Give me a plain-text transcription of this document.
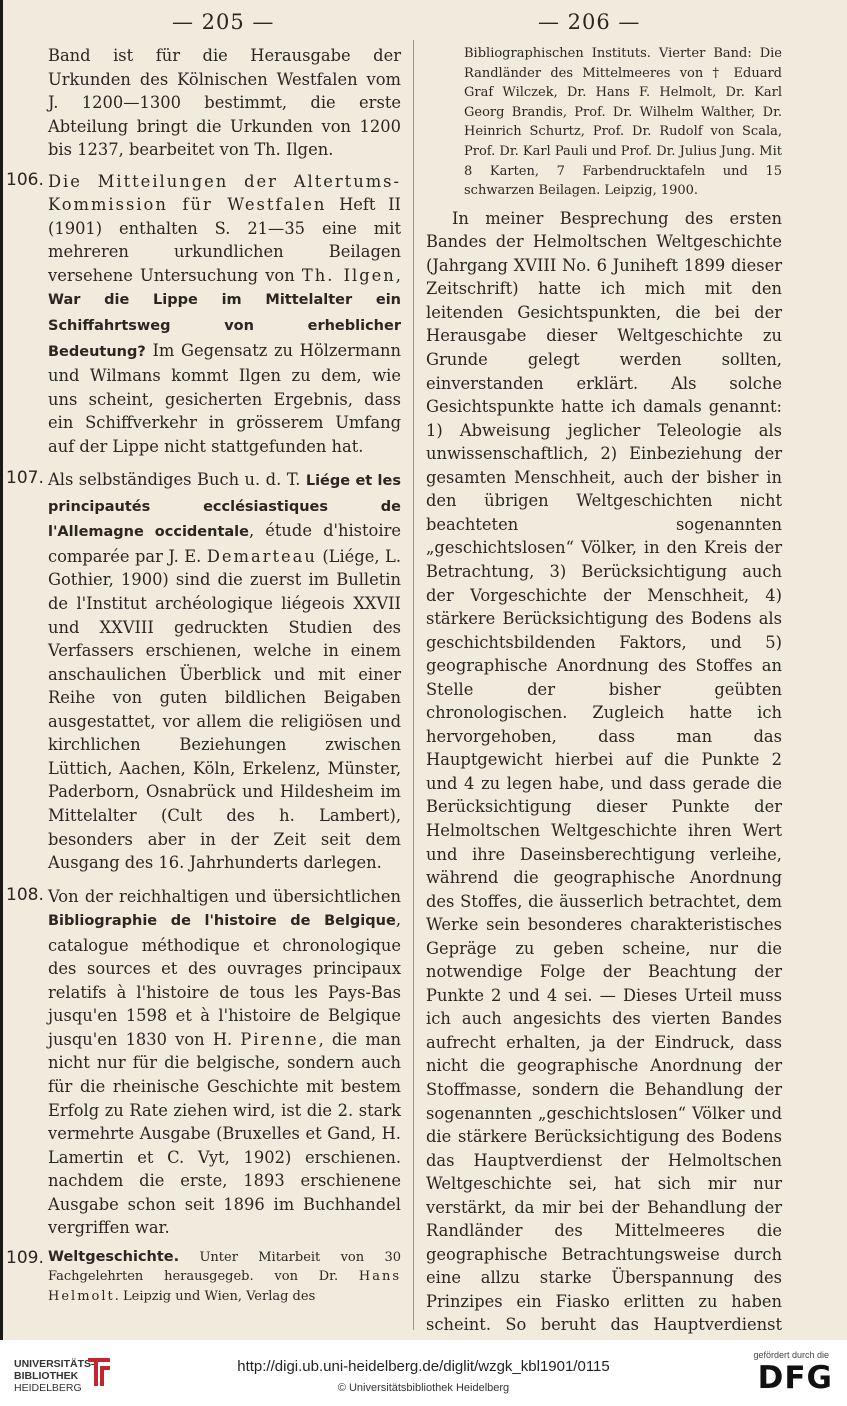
— 205 —	— 206 —

Band ist für die Herausgabe der Urkunden des Kölnischen Westfalen vom J. 1200—1300 bestimmt, die erste Abteilung bringt die Urkunden von 1200 bis 1237, bearbeitet von Th. Ilgen.

106. Die Mitteilungen der Altertums-Kommission für Westfalen Heft II (1901) enthalten S. 21—35 eine mit mehreren urkundlichen Beilagen versehene Untersuchung von Th. Ilgen, War die Lippe im Mittelalter ein Schiffahrtsweg von erheblicher Bedeutung? Im Gegensatz zu Hölzermann und Wilmans kommt Ilgen zu dem, wie uns scheint, gesicherten Ergebnis, dass ein Schiffverkehr in grösserem Umfang auf der Lippe nicht stattgefunden hat.

107. Als selbständiges Buch u. d. T. Liége et les principautés ecclésiastiques de l'Allemagne occidentale, étude d'histoire comparée par J. E. Demarteau (Liége, L. Gothier, 1900) sind die zuerst im Bulletin de l'Institut archéologique liégeois XXVII und XXVIII gedruckten Studien des Verfassers erschienen, welche in einem anschaulichen Überblick und mit einer Reihe von guten bildlichen Beigaben ausgestattet, vor allem die religiösen und kirchlichen Beziehungen zwischen Lüttich, Aachen, Köln, Erkelenz, Münster, Paderborn, Osnabrück und Hildesheim im Mittelalter (Cult des h. Lambert), besonders aber in der Zeit seit dem Ausgang des 16. Jahrhunderts darlegen.

108. Von der reichhaltigen und übersichtlichen Bibliographie de l'histoire de Belgique, catalogue méthodique et chronologique des sources et des ouvrages principaux relatifs à l'histoire de tous les Pays-Bas jusqu'en 1598 et à l'histoire de Belgique jusqu'en 1830 von H. Pirenne, die man nicht nur für die belgische, sondern auch für die rheinische Geschichte mit bestem Erfolg zu Rate ziehen wird, ist die 2. stark vermehrte Ausgabe (Bruxelles et Gand, H. Lamertin et C. Vyt, 1902) erschienen. nachdem die erste, 1893 erschienene Ausgabe schon seit 1896 im Buchhandel vergriffen war.

109. Weltgeschichte. Unter Mitarbeit von 30 Fachgelehrten herausgegeb. von Dr. Hans Helmolt. Leipzig und Wien, Verlag des

Bibliographischen Instituts. Vierter Band: Die Randländer des Mittelmeeres von † Eduard Graf Wilczek, Dr. Hans F. Helmolt, Dr. Karl Georg Brandis, Prof. Dr. Wilhelm Walther, Dr. Heinrich Schurtz, Prof. Dr. Rudolf von Scala, Prof. Dr. Karl Pauli und Prof. Dr. Julius Jung. Mit 8 Karten, 7 Farbendrucktafeln und 15 schwarzen Beilagen. Leipzig, 1900.

In meiner Besprechung des ersten Bandes der Helmoltschen Weltgeschichte (Jahrgang XVIII No. 6 Juniheft 1899 dieser Zeitschrift) hatte ich mich mit den leitenden Gesichtspunkten, die bei der Herausgabe dieser Weltgeschichte zu Grunde gelegt werden sollten, einverstanden erklärt. Als solche Gesichtspunkte hatte ich damals genannt: 1) Abweisung jeglicher Teleologie als unwissenschaftlich, 2) Einbeziehung der gesamten Menschheit, auch der bisher in den übrigen Weltgeschichten nicht beachteten sogenannten „geschichtslosen“ Völker, in den Kreis der Betrachtung, 3) Berücksichtigung auch der Vorgeschichte der Menschheit, 4) stärkere Berücksichtigung des Bodens als geschichtsbildenden Faktors, und 5) geographische Anordnung des Stoffes an Stelle der bisher geübten chronologischen. Zugleich hatte ich hervorgehoben, dass man das Hauptgewicht hierbei auf die Punkte 2 und 4 zu legen habe, und dass gerade die Berücksichtigung dieser Punkte der Helmoltschen Weltgeschichte ihren Wert und ihre Daseinsberechtigung verleihe, während die geographische Anordnung des Stoffes, die äusserlich betrachtet, dem Werke sein besonderes charakteristisches Gepräge zu geben scheine, nur die notwendige Folge der Beachtung der Punkte 2 und 4 sei. — Dieses Urteil muss ich auch angesichts des vierten Bandes aufrecht erhalten, ja der Eindruck, dass nicht die geographische Anordnung der Stoffmasse, sondern die Behandlung der sogenannten „geschichtslosen“ Völker und die stärkere Berücksichtigung des Bodens das Hauptverdienst der Helmoltschen Weltgeschichte sei, hat sich mir nur verstärkt, da mir bei der Behandlung der Randländer des Mittelmeeres die geographische Betrachtungsweise durch eine allzu starke Überspannung des Prinzipes ein Fiasko erlitten zu haben scheint. So beruht das Hauptverdienst

UNIVERSITÄTS-
BIBLIOTHEK
HEIDELBERG
http://digi.ub.uni-heidelberg.de/diglit/wzgk_kbl1901/0115
© Universitätsbibliothek Heidelberg
gefördert durch die
DFG
